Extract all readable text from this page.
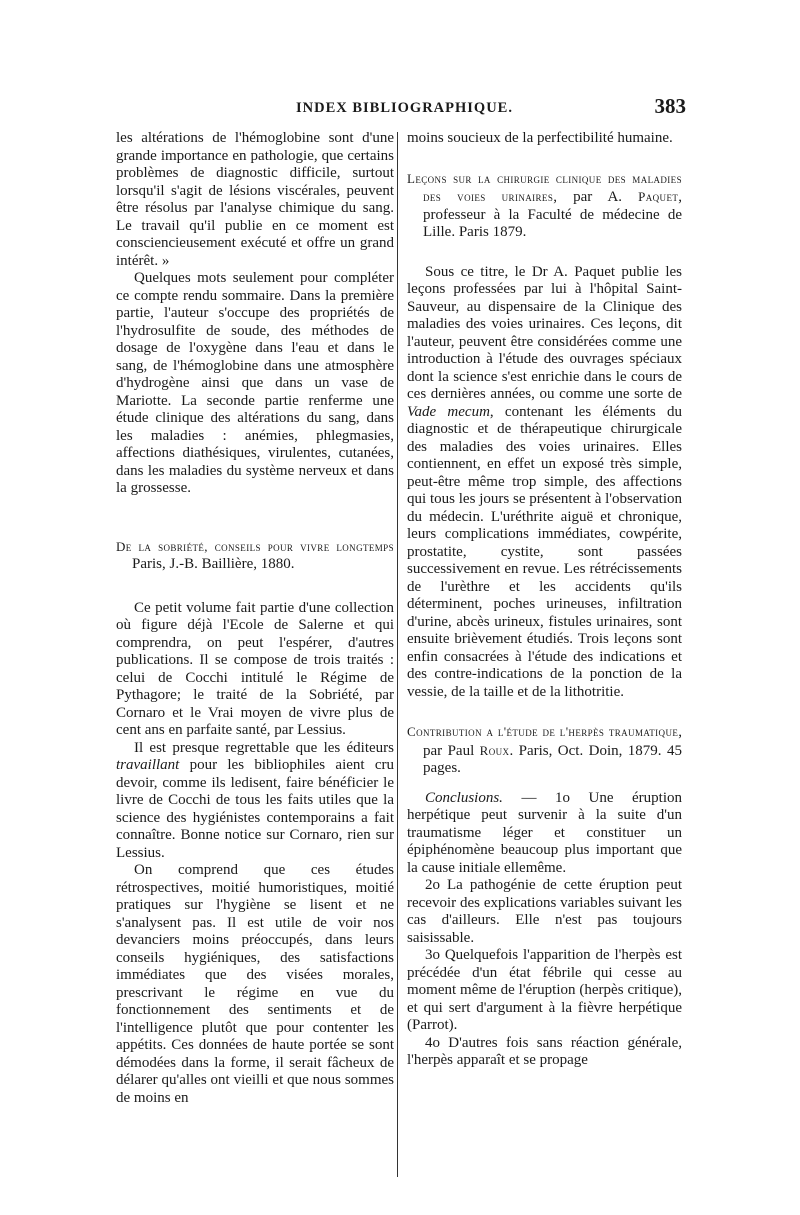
INDEX BIBLIOGRAPHIQUE.	383

les altérations de l'hémoglobine sont d'une grande importance en pathologie, que certains problèmes de diagnostic difficile, surtout lorsqu'il s'agit de lésions viscérales, peuvent être résolus par l'analyse chimique du sang. Le travail qu'il publie en ce moment est consciencieusement exécuté et offre un grand intérêt. »

Quelques mots seulement pour compléter ce compte rendu sommaire. Dans la première partie, l'auteur s'occupe des propriétés de l'hydrosulfite de soude, des méthodes de dosage de l'oxygène dans l'eau et dans le sang, de l'hémoglobine dans une atmosphère d'hydrogène ainsi que dans un vase de Mariotte. La seconde partie renferme une étude clinique des altérations du sang, dans les maladies : anémies, phlegmasies, affections diathésiques, virulentes, cutanées, dans les maladies du système nerveux et dans la grossesse.

De la sobriété, conseils pour vivre longtemps Paris, J.-B. Baillière, 1880.

Ce petit volume fait partie d'une collection où figure déjà l'Ecole de Salerne et qui comprendra, on peut l'espérer, d'autres publications. Il se compose de trois traités : celui de Cocchi intitulé le Régime de Pythagore; le traité de la Sobriété, par Cornaro et le Vrai moyen de vivre plus de cent ans en parfaite santé, par Lessius.

Il est presque regrettable que les éditeurs travaillant pour les bibliophiles aient cru devoir, comme ils ledisent, faire bénéficier le livre de Cocchi de tous les faits utiles que la science des hygiénistes contemporains a fait connaître. Bonne notice sur Cornaro, rien sur Lessius.

On comprend que ces études rétrospectives, moitié humoristiques, moitié pratiques sur l'hygiène se lisent et ne s'analysent pas. Il est utile de voir nos devanciers moins préoccupés, dans leurs conseils hygiéniques, des satisfactions immédiates que des visées morales, prescrivant le régime en vue du fonctionnement des sentiments et de l'intelligence plutôt que pour contenter les appétits. Ces données de haute portée se sont démodées dans la forme, il serait fâcheux de délarer qu'alles ont vieilli et que nous sommes de moins en

moins soucieux de la perfectibilité humaine.

Leçons sur la chirurgie clinique des maladies des voies urinaires, par A. Paquet, professeur à la Faculté de médecine de Lille. Paris 1879.

Sous ce titre, le Dr A. Paquet publie les leçons professées par lui à l'hôpital Saint-Sauveur, au dispensaire de la Clinique des maladies des voies urinaires. Ces leçons, dit l'auteur, peuvent être considérées comme une introduction à l'étude des ouvrages spéciaux dont la science s'est enrichie dans le cours de ces dernières années, ou comme une sorte de Vade mecum, contenant les éléments du diagnostic et de thérapeutique chirurgicale des maladies des voies urinaires. Elles contiennent, en effet un exposé très simple, peut-être même trop simple, des affections qui tous les jours se présentent à l'observation du médecin. L'uréthrite aiguë et chronique, leurs complications immédiates, cowpérite, prostatite, cystite, sont passées successivement en revue. Les rétrécissements de l'urèthre et les accidents qu'ils déterminent, poches urineuses, infiltration d'urine, abcès urineux, fistules urinaires, sont ensuite brièvement étudiés. Trois leçons sont enfin consacrées à l'étude des indications et des contre-indications de la ponction de la vessie, de la taille et de la lithotritie.

Contribution a l'étude de l'herpès traumatique, par Paul Roux. Paris, Oct. Doin, 1879. 45 pages.

Conclusions. — 1o Une éruption herpétique peut survenir à la suite d'un traumatisme léger et constituer un épiphénomène beaucoup plus important que la cause initiale ellemême.

2o La pathogénie de cette éruption peut recevoir des explications variables suivant les cas d'ailleurs. Elle n'est pas toujours saisissable.

3o Quelquefois l'apparition de l'herpès est précédée d'un état fébrile qui cesse au moment même de l'éruption (herpès critique), et qui sert d'argument à la fièvre herpétique (Parrot).

4o D'autres fois sans réaction générale, l'herpès apparaît et se propage
